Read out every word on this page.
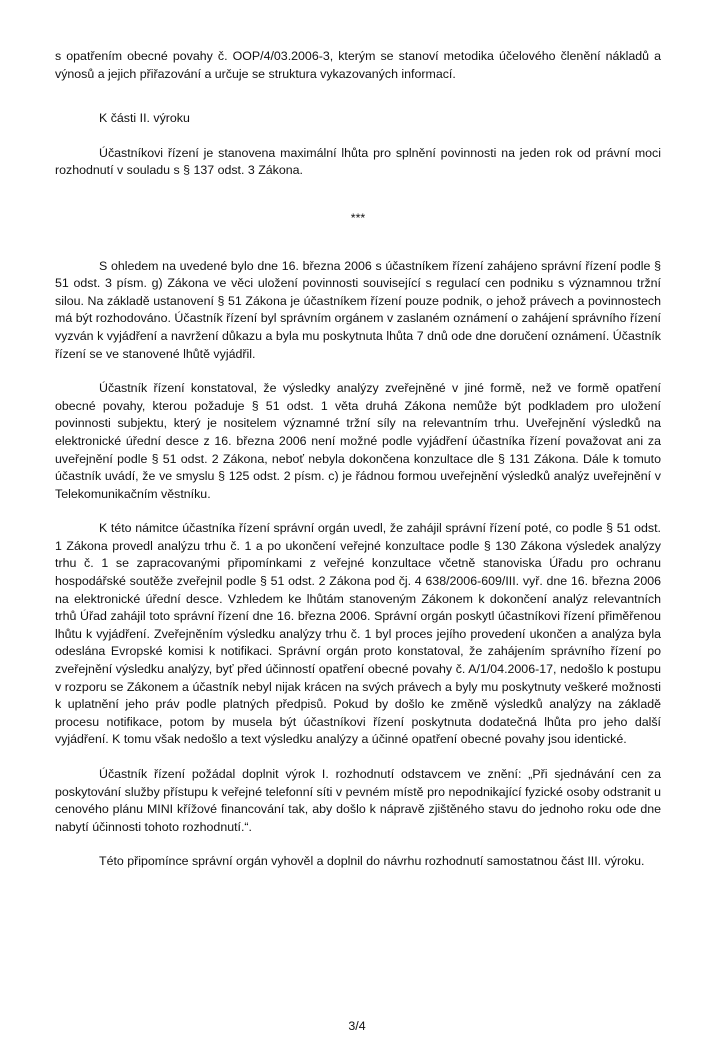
s opatřením obecné povahy č. OOP/4/03.2006-3, kterým se stanoví metodika účelového členění nákladů a výnosů a jejich přiřazování a určuje se struktura vykazovaných informací.

K části II. výroku

Účastníkovi řízení je stanovena maximální lhůta pro splnění povinnosti na jeden rok od právní moci rozhodnutí v souladu s § 137 odst. 3 Zákona.

***

S ohledem na uvedené bylo dne 16. března 2006 s účastníkem řízení zahájeno správní řízení podle § 51 odst. 3 písm. g) Zákona ve věci uložení povinnosti související s regulací cen podniku s významnou tržní silou. Na základě ustanovení § 51 Zákona je účastníkem řízení pouze podnik, o jehož právech a povinnostech má být rozhodováno. Účastník řízení byl správním orgánem v zaslaném oznámení o zahájení správního řízení vyzván k vyjádření a navržení důkazu a byla mu poskytnuta lhůta 7 dnů ode dne doručení oznámení. Účastník řízení se ve stanovené lhůtě vyjádřil.

Účastník řízení konstatoval, že výsledky analýzy zveřejněné v jiné formě, než ve formě opatření obecné povahy, kterou požaduje § 51 odst. 1 věta druhá Zákona nemůže být podkladem pro uložení povinnosti subjektu, který je nositelem významné tržní síly na relevantním trhu. Uveřejnění výsledků na elektronické úřední desce z 16. března 2006 není možné podle vyjádření účastníka řízení považovat ani za uveřejnění podle § 51 odst. 2 Zákona, neboť nebyla dokončena konzultace dle § 131 Zákona. Dále k tomuto účastník uvádí, že ve smyslu § 125 odst. 2 písm. c) je řádnou formou uveřejnění výsledků analýz uveřejnění v Telekomunikačním věstníku.

K této námitce účastníka řízení správní orgán uvedl, že zahájil správní řízení poté, co podle § 51 odst. 1 Zákona provedl analýzu trhu č. 1 a po ukončení veřejné konzultace podle § 130 Zákona výsledek analýzy trhu č. 1 se zapracovanými připomínkami z veřejné konzultace včetně stanoviska Úřadu pro ochranu hospodářské soutěže zveřejnil podle § 51 odst. 2 Zákona pod čj. 4 638/2006-609/III. vyř. dne 16. března 2006 na elektronické úřední desce. Vzhledem ke lhůtám stanoveným Zákonem k dokončení analýz relevantních trhů Úřad zahájil toto správní řízení dne 16. března 2006. Správní orgán poskytl účastníkovi řízení přiměřenou lhůtu k vyjádření. Zveřejněním výsledku analýzy trhu č. 1 byl proces jejího provedení ukončen a analýza byla odeslána Evropské komisi k notifikaci. Správní orgán proto konstatoval, že zahájením správního řízení po zveřejnění výsledku analýzy, byť před účinností opatření obecné povahy č. A/1/04.2006-17, nedošlo k postupu v rozporu se Zákonem a účastník nebyl nijak krácen na svých právech a byly mu poskytnuty veškeré možnosti k uplatnění jeho práv podle platných předpisů. Pokud by došlo ke změně výsledků analýzy na základě procesu notifikace, potom by musela být účastníkovi řízení poskytnuta dodatečná lhůta pro jeho další vyjádření. K tomu však nedošlo a text výsledku analýzy a účinné opatření obecné povahy jsou identické.

Účastník řízení požádal doplnit výrok I. rozhodnutí odstavcem ve znění: „Při sjednávání cen za poskytování služby přístupu k veřejné telefonní síti v pevném místě pro nepodnikající fyzické osoby odstranit u cenového plánu MINI křížové financování tak, aby došlo k nápravě zjištěného stavu do jednoho roku ode dne nabytí účinnosti tohoto rozhodnutí.“.

Této připomínce správní orgán vyhověl a doplnil do návrhu rozhodnutí samostatnou část III. výroku.

3/4
